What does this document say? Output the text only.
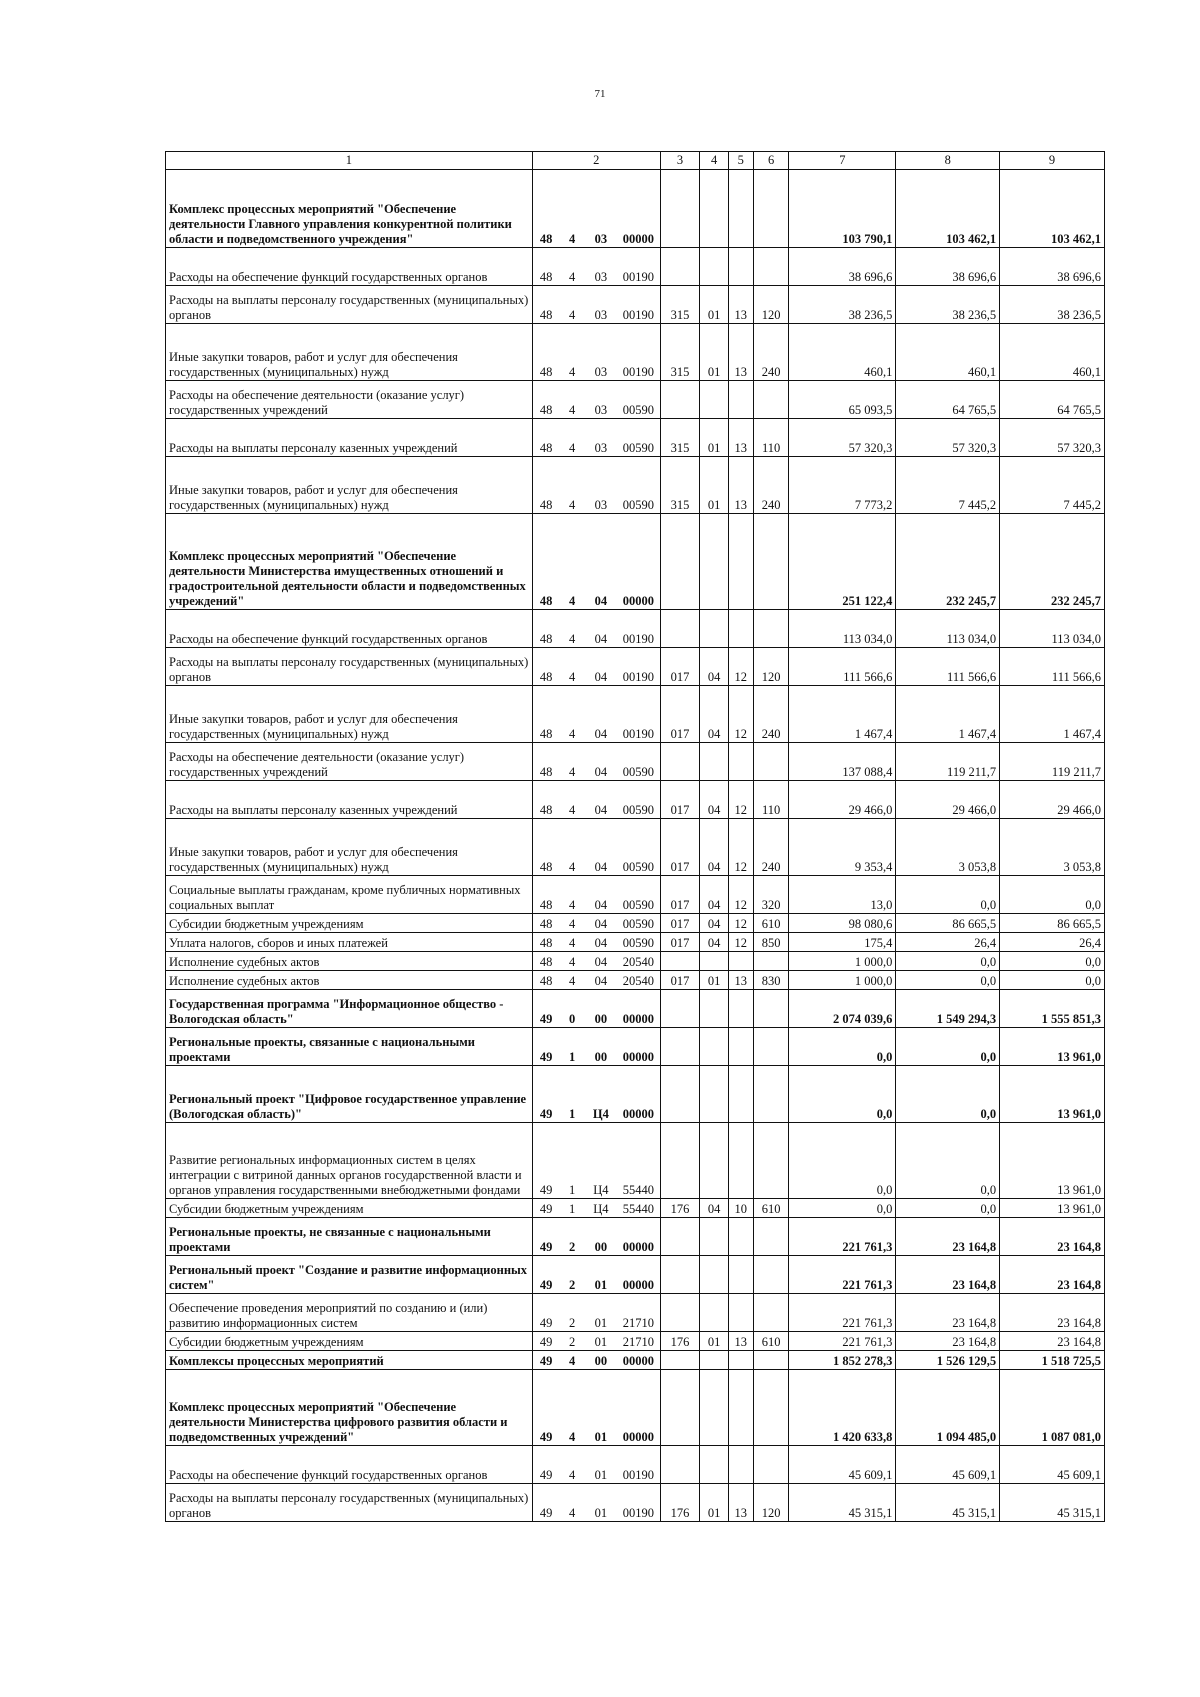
71
1	2				3	4	5	6	7	8	9
Комплекс процессных мероприятий "Обеспечение деятельности Главного управления конкурентной политики области и подведомственного учреждения"	48	4	03	00000					103 790,1	103 462,1	103 462,1
Расходы на обеспечение функций государственных органов	48	4	03	00190					38 696,6	38 696,6	38 696,6
Расходы на выплаты персоналу государственных (муниципальных) органов	48	4	03	00190	315	01	13	120	38 236,5	38 236,5	38 236,5
Иные закупки товаров, работ и услуг для обеспечения государственных (муниципальных) нужд	48	4	03	00190	315	01	13	240	460,1	460,1	460,1
Расходы на обеспечение деятельности (оказание услуг) государственных учреждений	48	4	03	00590					65 093,5	64 765,5	64 765,5
Расходы на выплаты персоналу казенных учреждений	48	4	03	00590	315	01	13	110	57 320,3	57 320,3	57 320,3
Иные закупки товаров, работ и услуг для обеспечения государственных (муниципальных) нужд	48	4	03	00590	315	01	13	240	7 773,2	7 445,2	7 445,2
Комплекс процессных мероприятий "Обеспечение деятельности Министерства имущественных отношений и градостроительной деятельности области и подведомственных учреждений"	48	4	04	00000					251 122,4	232 245,7	232 245,7
Расходы на обеспечение функций государственных органов	48	4	04	00190					113 034,0	113 034,0	113 034,0
Расходы на выплаты персоналу государственных (муниципальных) органов	48	4	04	00190	017	04	12	120	111 566,6	111 566,6	111 566,6
Иные закупки товаров, работ и услуг для обеспечения государственных (муниципальных) нужд	48	4	04	00190	017	04	12	240	1 467,4	1 467,4	1 467,4
Расходы на обеспечение деятельности (оказание услуг) государственных учреждений	48	4	04	00590					137 088,4	119 211,7	119 211,7
Расходы на выплаты персоналу казенных учреждений	48	4	04	00590	017	04	12	110	29 466,0	29 466,0	29 466,0
Иные закупки товаров, работ и услуг для обеспечения государственных (муниципальных) нужд	48	4	04	00590	017	04	12	240	9 353,4	3 053,8	3 053,8
Социальные выплаты гражданам, кроме публичных нормативных социальных выплат	48	4	04	00590	017	04	12	320	13,0	0,0	0,0
Субсидии бюджетным учреждениям	48	4	04	00590	017	04	12	610	98 080,6	86 665,5	86 665,5
Уплата налогов, сборов и иных платежей	48	4	04	00590	017	04	12	850	175,4	26,4	26,4
Исполнение судебных актов	48	4	04	20540					1 000,0	0,0	0,0
Исполнение судебных актов	48	4	04	20540	017	01	13	830	1 000,0	0,0	0,0
Государственная программа "Информационное общество - Вологодская область"	49	0	00	00000					2 074 039,6	1 549 294,3	1 555 851,3
Региональные проекты, связанные с национальными проектами	49	1	00	00000					0,0	0,0	13 961,0
Региональный проект "Цифровое государственное управление (Вологодская область)"	49	1	Ц4	00000					0,0	0,0	13 961,0
Развитие региональных информационных систем в целях интеграции с витриной данных органов государственной власти и органов управления государственными внебюджетными фондами	49	1	Ц4	55440					0,0	0,0	13 961,0
Субсидии бюджетным учреждениям	49	1	Ц4	55440	176	04	10	610	0,0	0,0	13 961,0
Региональные проекты, не связанные с национальными проектами	49	2	00	00000					221 761,3	23 164,8	23 164,8
Региональный проект "Создание и развитие информационных систем"	49	2	01	00000					221 761,3	23 164,8	23 164,8
Обеспечение проведения мероприятий по созданию и (или) развитию информационных систем	49	2	01	21710					221 761,3	23 164,8	23 164,8
Субсидии бюджетным учреждениям	49	2	01	21710	176	01	13	610	221 761,3	23 164,8	23 164,8
Комплексы процессных мероприятий	49	4	00	00000					1 852 278,3	1 526 129,5	1 518 725,5
Комплекс процессных мероприятий "Обеспечение деятельности Министерства цифрового развития области и подведомственных учреждений"	49	4	01	00000					1 420 633,8	1 094 485,0	1 087 081,0
Расходы на обеспечение функций государственных органов	49	4	01	00190					45 609,1	45 609,1	45 609,1
Расходы на выплаты персоналу государственных (муниципальных) органов	49	4	01	00190	176	01	13	120	45 315,1	45 315,1	45 315,1
